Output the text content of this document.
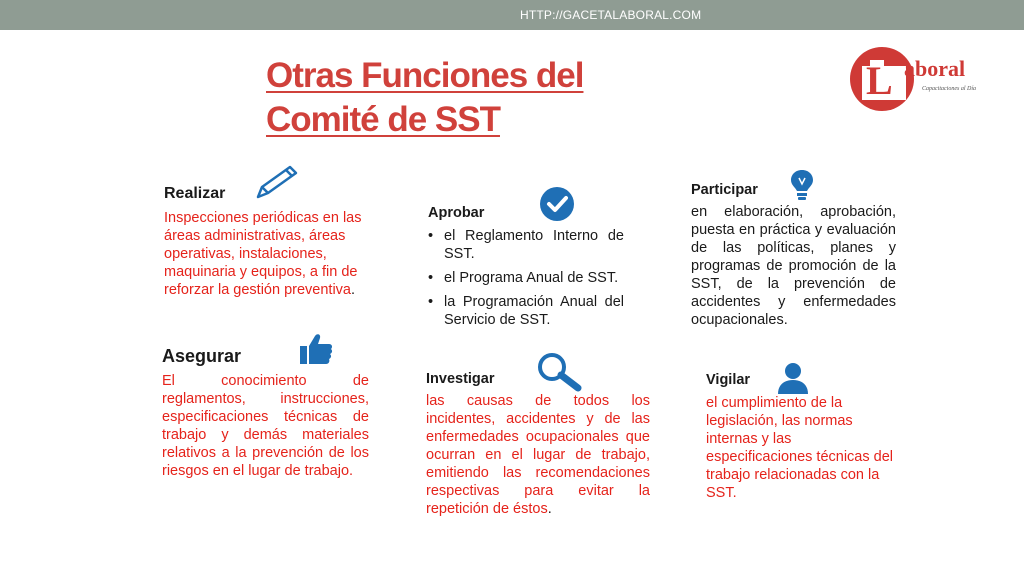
HTTP://GACETALABORAL.COM
Otras Funciones del
Comité de SST
L aboral
Capacitaciones al Día
Realizar
Inspecciones periódicas en las áreas administrativas, áreas operativas, instalaciones, maquinaria y equipos, a fin de reforzar la gestión preventiva.
Aprobar
• el Reglamento Interno de SST.
• el Programa Anual de SST.
• la Programación Anual del Servicio de SST.
Participar
en elaboración, aprobación, puesta en práctica y evaluación de las políticas, planes y programas de promoción de la SST, de la prevención de accidentes y enfermedades ocupacionales.
Asegurar
El conocimiento de reglamentos, instrucciones, especificaciones técnicas de trabajo y demás materiales relativos a la prevención de los riesgos en el lugar de trabajo.
Investigar
las causas de todos los incidentes, accidentes y de las enfermedades ocupacionales que ocurran en el lugar de trabajo, emitiendo las recomendaciones respectivas para evitar la repetición de éstos.
Vigilar
el cumplimiento de la legislación, las normas internas y las especificaciones técnicas del trabajo relacionadas con la SST.
